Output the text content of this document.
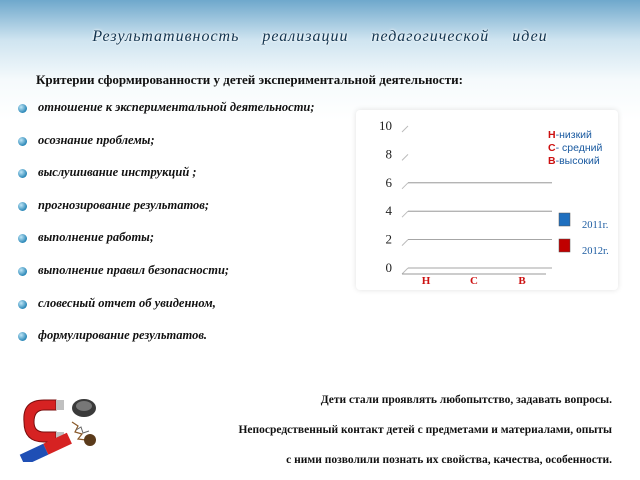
Результативность реализации педагогической идеи
Критерии сформированности у детей экспериментальной деятельности:
отношение к экспериментальной деятельности;
осознание проблемы;
выслушивание инструкций ;
прогнозирование результатов;
выполнение работы;
выполнение правил безопасности;
словесный отчет об увиденном,
формулирование результатов.
0
2
4
6
8
10
Н	С	В
Н-низкий
С- средний
В-высокий
2011г.
2012г.
Дети стали проявлять любопытство, задавать вопросы.
Непосредственный контакт детей с предметами и материалами, опыты
с ними позволили познать их свойства, качества, особенности.
